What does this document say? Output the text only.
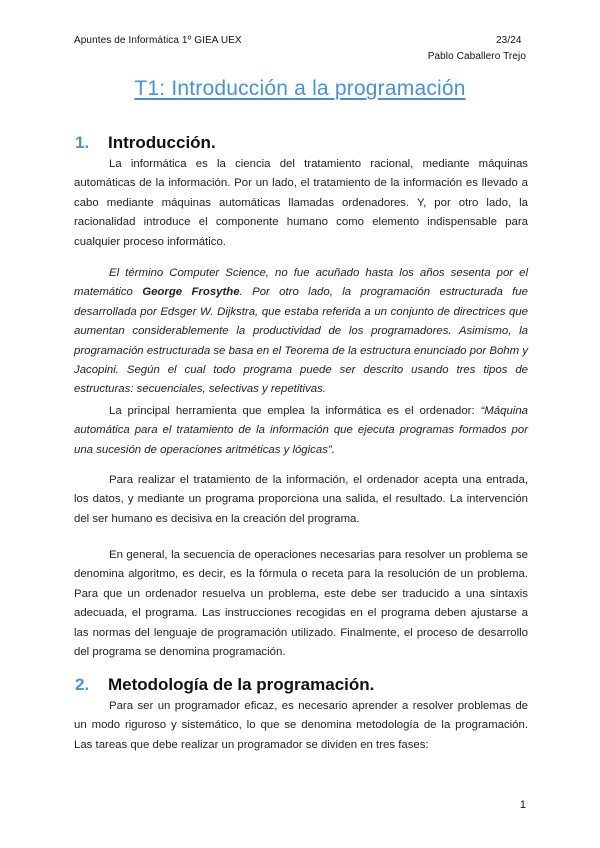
Apuntes de Informática 1º GIEA UEX	23/24
Pablo Caballero Trejo
T1: Introducción a la programación
1. Introducción.
La informática es la ciencia del tratamiento racional, mediante máquinas automáticas de la información. Por un lado, el tratamiento de la información es llevado a cabo mediante máquinas automáticas llamadas ordenadores. Y, por otro lado, la racionalidad introduce el componente humano como elemento indispensable para cualquier proceso informático.
El término Computer Science, no fue acuñado hasta los años sesenta por el matemático George Frosythe. Por otro lado, la programación estructurada fue desarrollada por Edsger W. Dijkstra, que estaba referida a un conjunto de directrices que aumentan considerablemente la productividad de los programadores. Asimismo, la programación estructurada se basa en el Teorema de la estructura enunciado por Bohm y Jacopini. Según el cual todo programa puede ser descrito usando tres tipos de estructuras: secuenciales, selectivas y repetitivas.
La principal herramienta que emplea la informática es el ordenador: “Máquina automática para el tratamiento de la información que ejecuta programas formados por una sucesión de operaciones aritméticas y lógicas”.
Para realizar el tratamiento de la información, el ordenador acepta una entrada, los datos, y mediante un programa proporciona una salida, el resultado. La intervención del ser humano es decisiva en la creación del programa.
En general, la secuencia de operaciones necesarias para resolver un problema se denomina algoritmo, es decir, es la fórmula o receta para la resolución de un problema. Para que un ordenador resuelva un problema, este debe ser traducido a una sintaxis adecuada, el programa. Las instrucciones recogidas en el programa deben ajustarse a las normas del lenguaje de programación utilizado. Finalmente, el proceso de desarrollo del programa se denomina programación.
2. Metodología de la programación.
Para ser un programador eficaz, es necesario aprender a resolver problemas de un modo riguroso y sistemático, lo que se denomina metodología de la programación. Las tareas que debe realizar un programador se dividen en tres fases:
1
